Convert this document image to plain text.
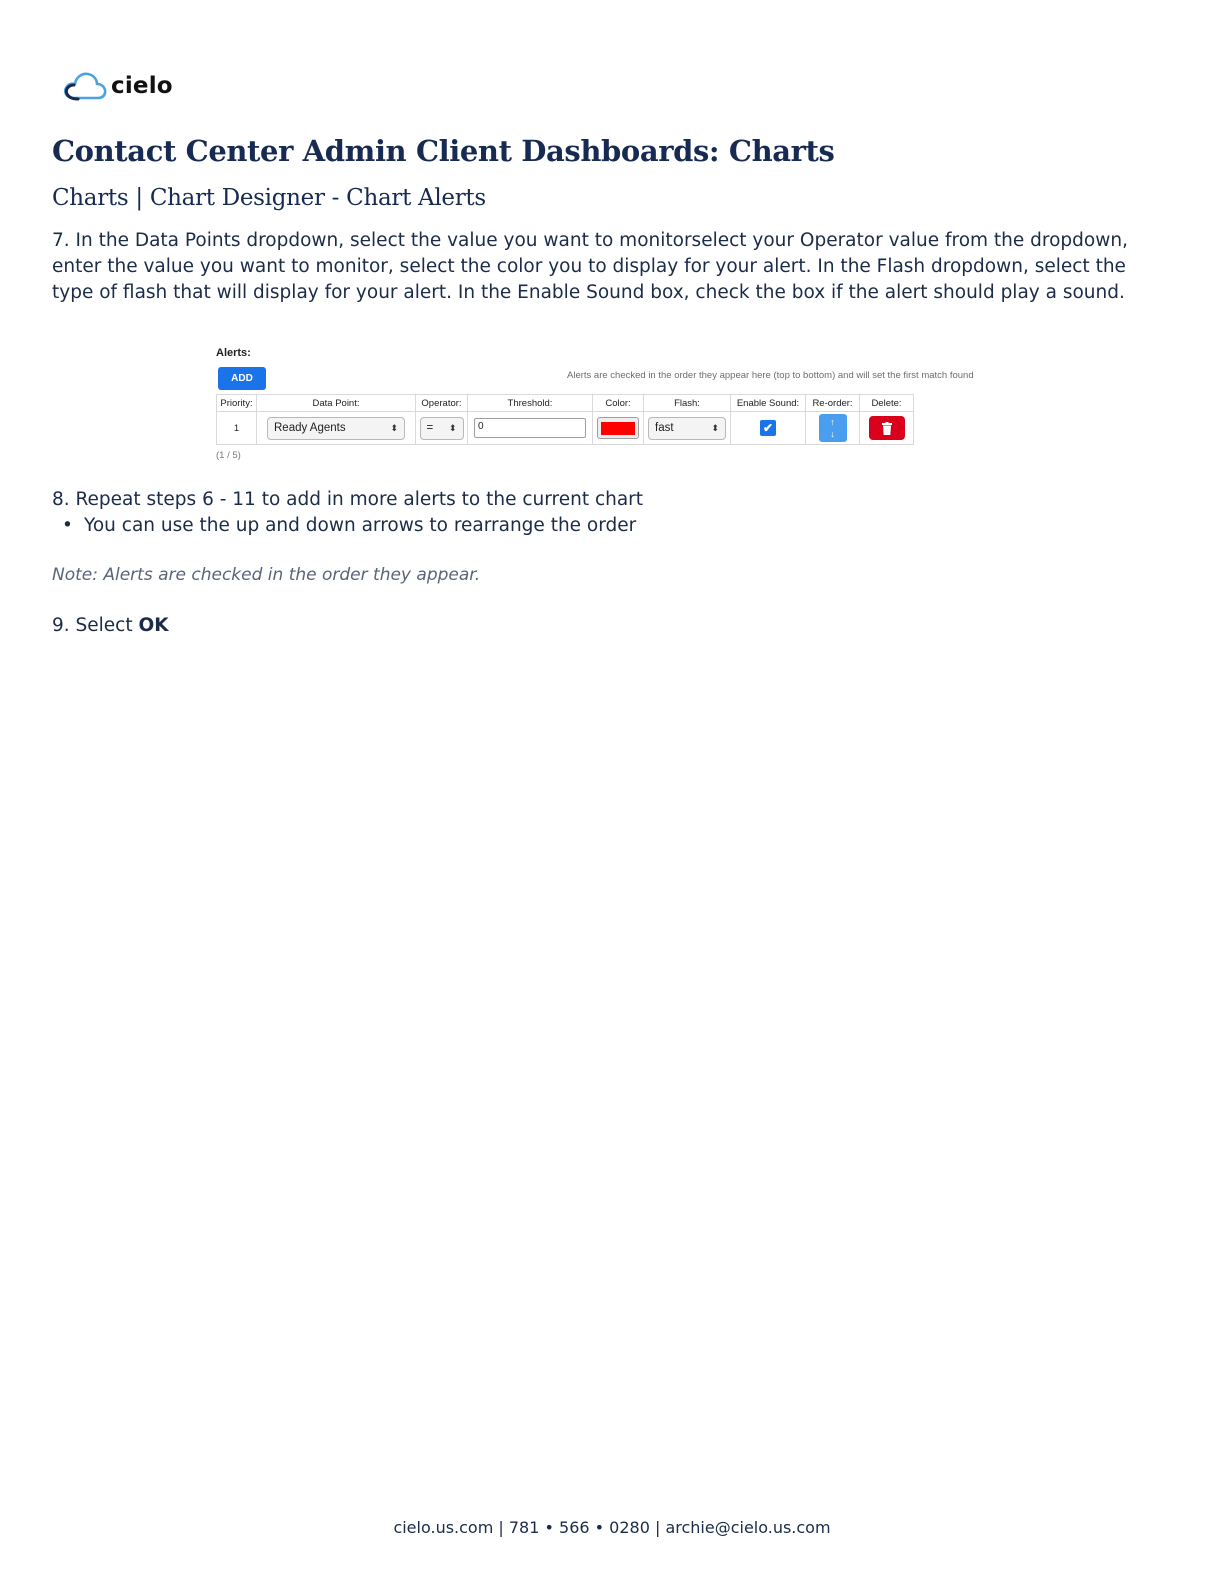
cielo
Contact Center Admin Client Dashboards: Charts
Charts | Chart Designer - Chart Alerts

7. In the Data Points dropdown, select the value you want to monitorselect your Operator value from the dropdown, enter the value you want to monitor, select the color you to display for your alert. In the Flash dropdown, select the type of flash that will display for your alert. In the Enable Sound box, check the box if the alert should play a sound.

Alerts:
ADD	Alerts are checked in the order they appear here (top to bottom) and will set the first match found
Priority:	Data Point:	Operator:	Threshold:	Color:	Flash:	Enable Sound:	Re-order:	Delete:
1	Ready Agents ⬍	= ⬍	0		fast ⬍	✔	↑
↓

(1 / 5)

8. Repeat steps 6 - 11 to add in more alerts to the current chart

• You can use the up and down arrows to rearrange the order
Note: Alerts are checked in the order they appear.
9. Select OK
cielo.us.com | 781 • 566 • 0280 | archie@cielo.us.com
